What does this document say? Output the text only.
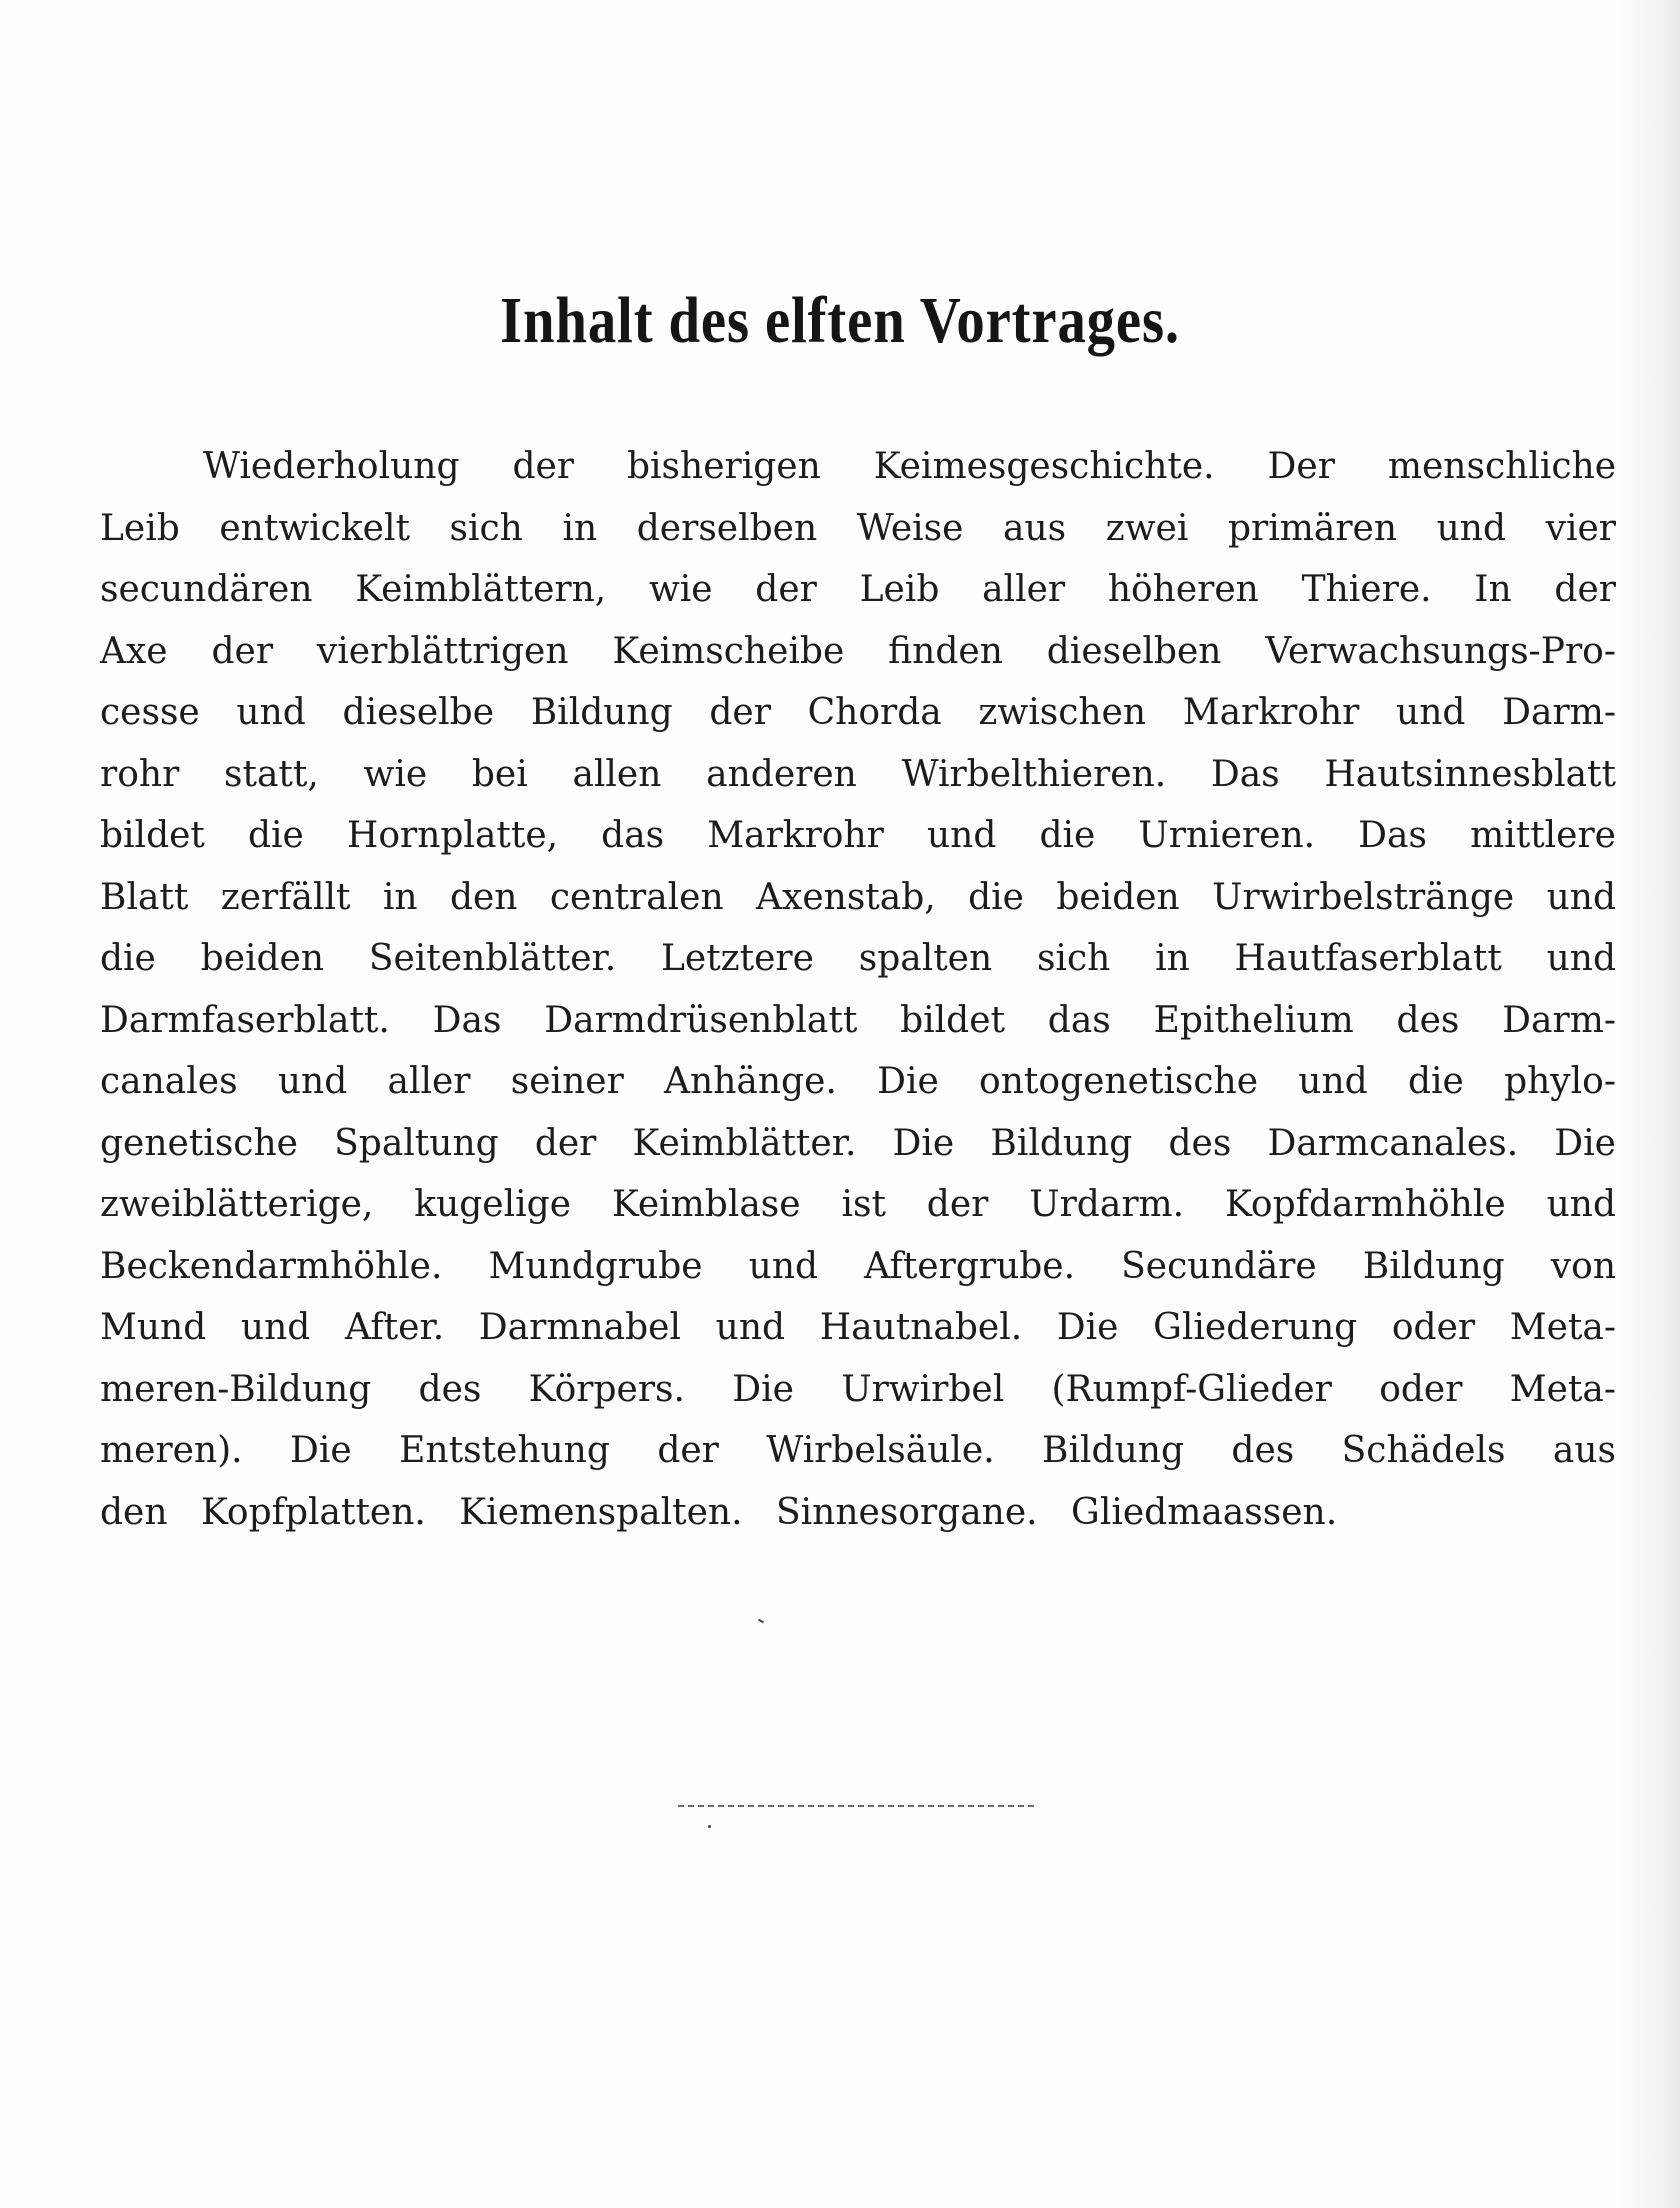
Inhalt des elften Vortrages.
Wiederholung der bisherigen Keimesgeschichte. Der menschliche
Leib entwickelt sich in derselben Weise aus zwei primären und vier
secundären Keimblättern, wie der Leib aller höheren Thiere. In der
Axe der vierblättrigen Keimscheibe finden dieselben Verwachsungs-Pro-
cesse und dieselbe Bildung der Chorda zwischen Markrohr und Darm-
rohr statt, wie bei allen anderen Wirbelthieren. Das Hautsinnesblatt
bildet die Hornplatte, das Markrohr und die Urnieren. Das mittlere
Blatt zerfällt in den centralen Axenstab, die beiden Urwirbelstränge und
die beiden Seitenblätter. Letztere spalten sich in Hautfaserblatt und
Darmfaserblatt. Das Darmdrüsenblatt bildet das Epithelium des Darm-
canales und aller seiner Anhänge. Die ontogenetische und die phylo-
genetische Spaltung der Keimblätter. Die Bildung des Darmcanales. Die
zweiblätterige, kugelige Keimblase ist der Urdarm. Kopfdarmhöhle und
Beckendarmhöhle. Mundgrube und Aftergrube. Secundäre Bildung von
Mund und After. Darmnabel und Hautnabel. Die Gliederung oder Meta-
meren-Bildung des Körpers. Die Urwirbel (Rumpf-Glieder oder Meta-
meren). Die Entstehung der Wirbelsäule. Bildung des Schädels aus
den Kopfplatten. Kiemenspalten. Sinnesorgane. Gliedmaassen.
